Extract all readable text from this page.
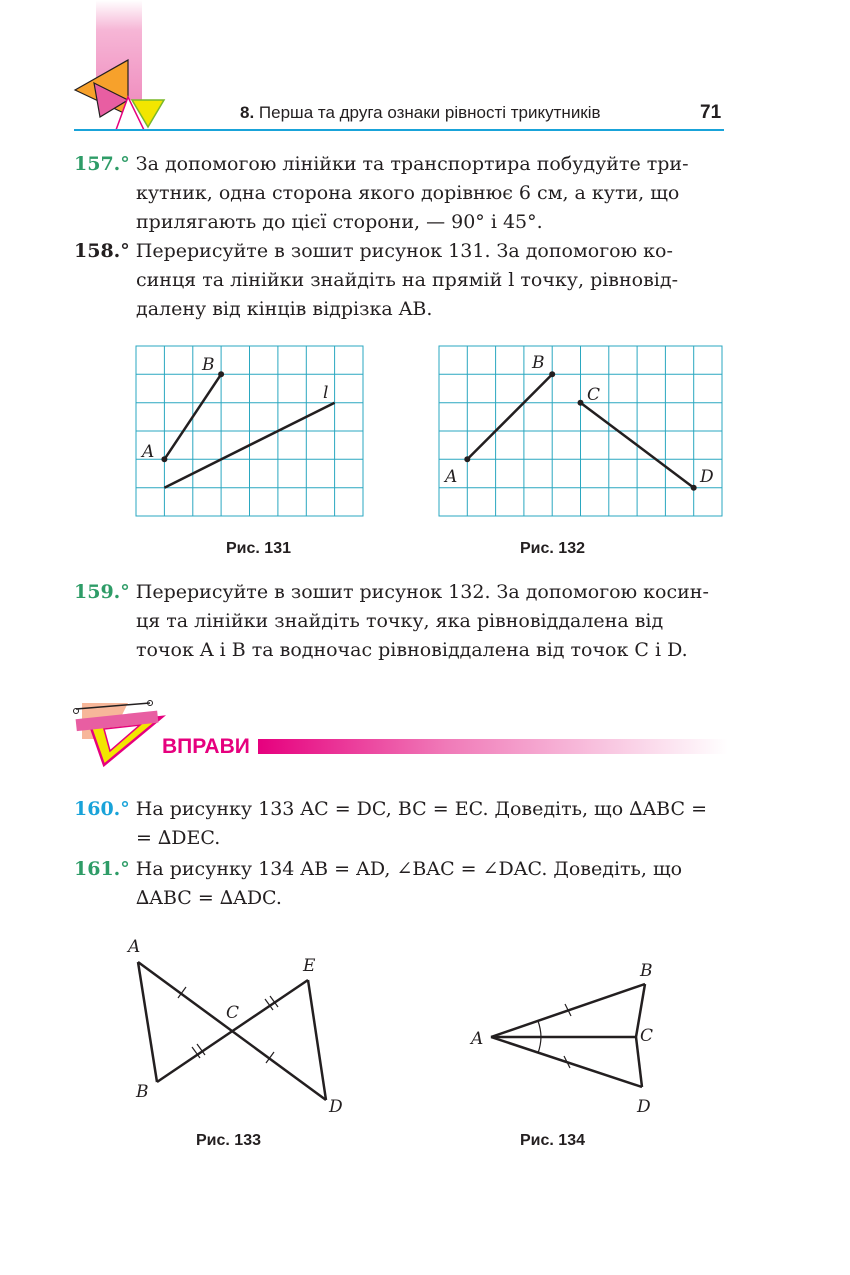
8. Перша та друга ознаки рівності трикутників	71
157.° За допомогою лінійки та транспортира побудуйте три-
кутник, одна сторона якого дорівнює 6 см, а кути, що
прилягають до цієї сторони, — 90° і 45°.
158.° Перерисуйте в зошит рисунок 131. За допомогою ко-
синця та лінійки знайдіть на прямій l точку, рівновід-
далену від кінців відрізка AB.
A
B
l
Рис. 131
A
B
C
D
Рис. 132
159.° Перерисуйте в зошит рисунок 132. За допомогою косин-
ця та лінійки знайдіть точку, яка рівновіддалена від
точок A і B та водночас рівновіддалена від точок C і D.
ВПРАВИ
160.° На рисунку 133 AC = DC, BC = EC. Доведіть, що ∆ABC =
= ∆DEC.
161.° На рисунку 134 AB = AD, ∠BAC = ∠DAC. Доведіть, що
∆ABC = ∆ADC.
A
B
C
D
E
Рис. 133
A
B
C
D
Рис. 134
